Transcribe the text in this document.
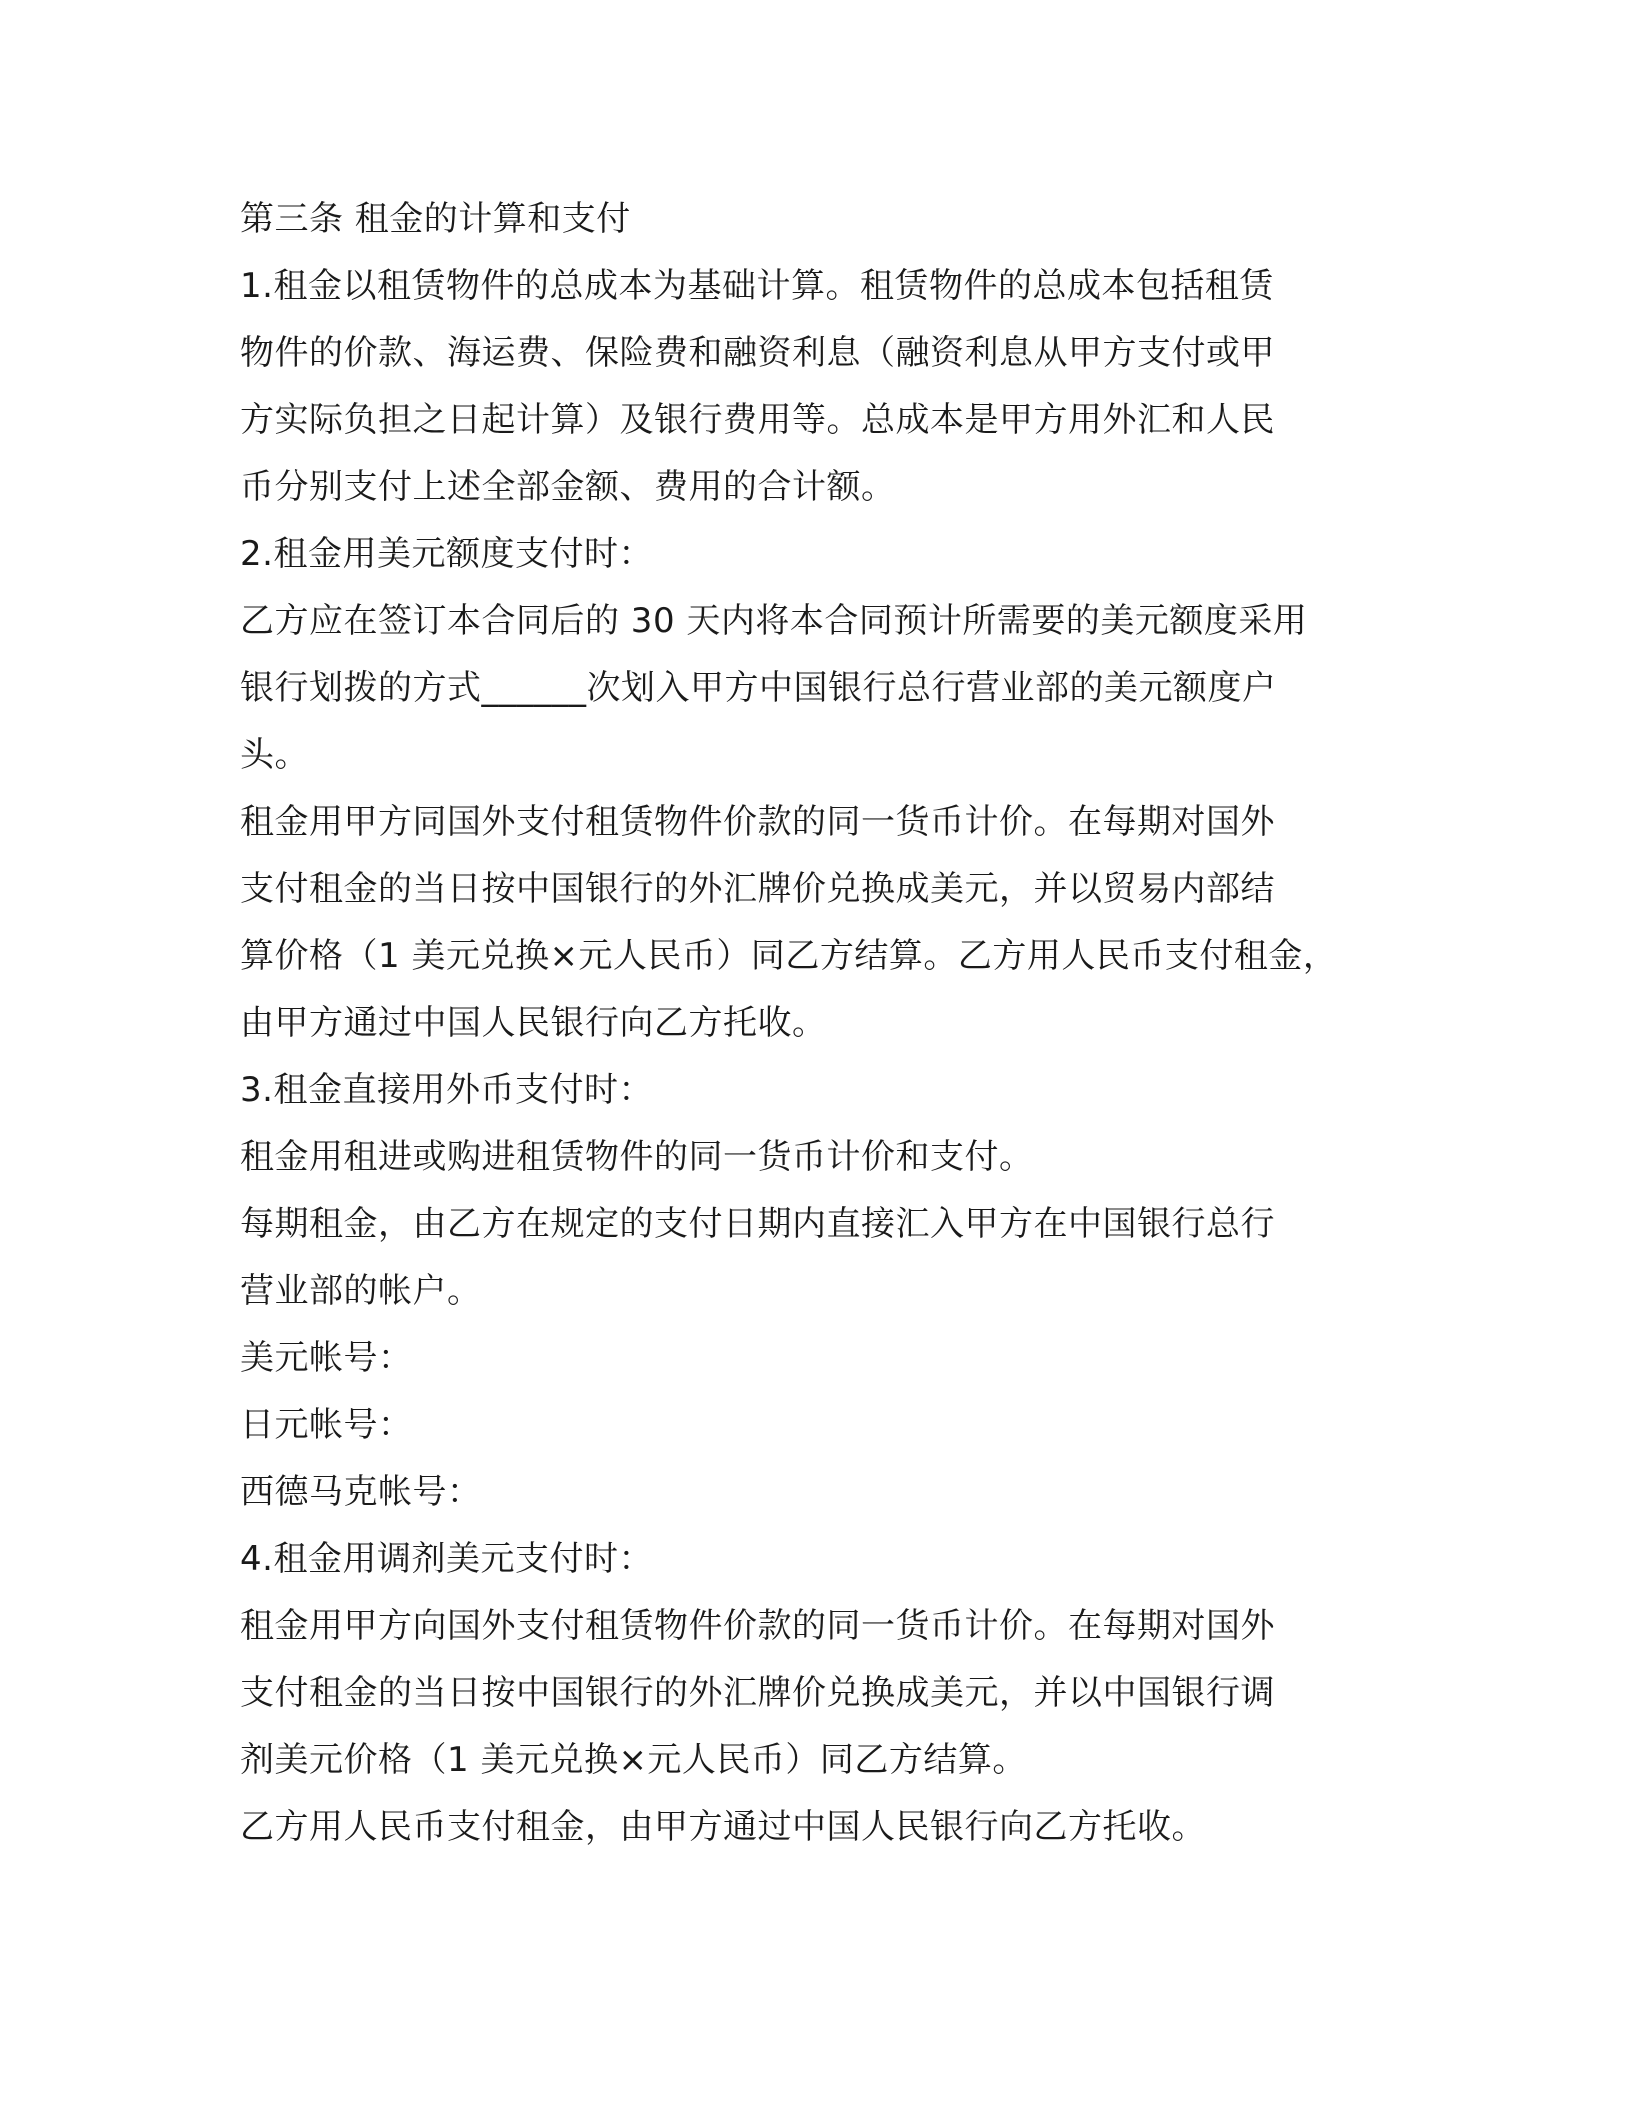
第三条 租金的计算和支付
1.租金以租赁物件的总成本为基础计算。租赁物件的总成本包括租赁
物件的价款、海运费、保险费和融资利息（融资利息从甲方支付或甲
方实际负担之日起计算）及银行费用等。总成本是甲方用外汇和人民
币分别支付上述全部金额、费用的合计额。
2.租金用美元额度支付时：
乙方应在签订本合同后的 30 天内将本合同预计所需要的美元额度采用
银行划拨的方式______次划入甲方中国银行总行营业部的美元额度户
头。
租金用甲方同国外支付租赁物件价款的同一货币计价。在每期对国外
支付租金的当日按中国银行的外汇牌价兑换成美元，并以贸易内部结
算价格（1 美元兑换×元人民币）同乙方结算。乙方用人民币支付租金，
由甲方通过中国人民银行向乙方托收。
3.租金直接用外币支付时：
租金用租进或购进租赁物件的同一货币计价和支付。
每期租金，由乙方在规定的支付日期内直接汇入甲方在中国银行总行
营业部的帐户。
美元帐号：
日元帐号：
西德马克帐号：
4.租金用调剂美元支付时：
租金用甲方向国外支付租赁物件价款的同一货币计价。在每期对国外
支付租金的当日按中国银行的外汇牌价兑换成美元，并以中国银行调
剂美元价格（1 美元兑换×元人民币）同乙方结算。
乙方用人民币支付租金，由甲方通过中国人民银行向乙方托收。
